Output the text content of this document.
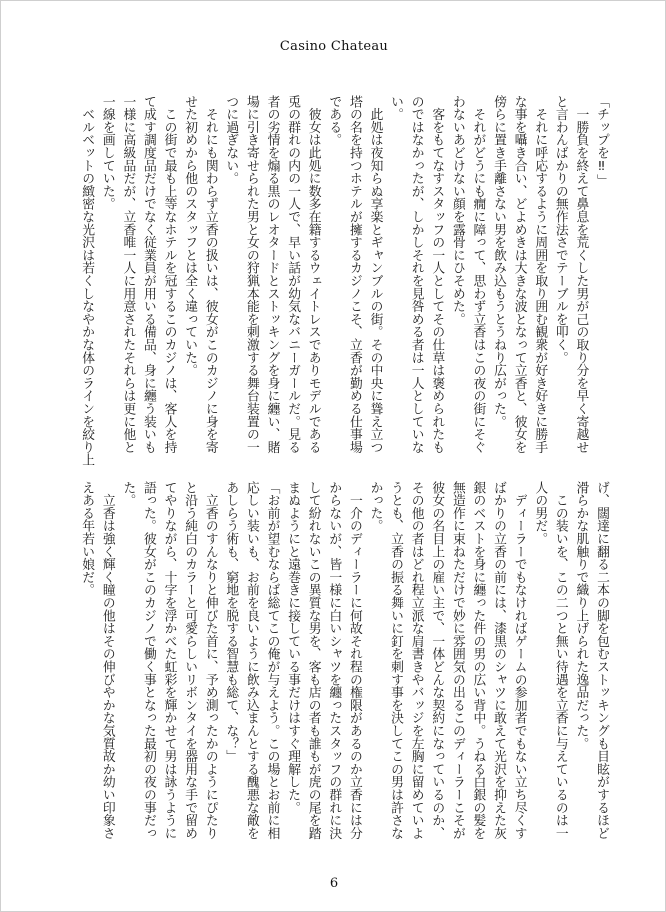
Casino Chateau
「チップを‼」
　一勝負を終えて鼻息を荒くした男が己の取り分を早く寄越せ
と言わんばかりの無作法さでテーブルを叩く。
　それに呼応するように周囲を取り囲む観衆が好き好きに勝手
な事を囁き合い、どよめきは大きな波となって立香と、彼女を
傍らに置き手離さない男を飲み込もうとうねり広がった。
　それがどうにも癇に障って、思わず立香はこの夜の街にそぐ
わないあどけない顔を露骨にひそめた。
　客をもてなすスタッフの一人としてその仕草は褒められたも
のではなかったが、しかしそれを見咎める者は一人としていな
い。
　此処は夜知らぬ享楽とギャンブルの街。その中央に聳え立つ
塔の名を持つホテルが擁するカジノこそ、立香が勤める仕事場
である。
　彼女は此処に数多在籍するウェイトレスでありモデルである
兎の群れの内の一人で、早い話が幼気なバニーガールだ。見る
者の劣情を煽る黒のレオタードとストッキングを身に纏い、賭
場に引き寄せられた男と女の狩猟本能を刺激する舞台装置の一
つに過ぎない。
　それにも関わらず立香の扱いは、彼女がこのカジノに身を寄
せた初めから他のスタッフとは全く違っていた。
　この街で最も上等なホテルを冠するこのカジノは、客人を持
て成す調度品だけでなく従業員が用いる備品、身に纏う装いも
一様に高級品だが、立香唯一人に用意されたそれらは更に他と
一線を画していた。
　ベルベットの緻密な光沢は若くしなやかな体のラインを絞り上
げ、闊達に翻る二本の脚を包むストッキングも目眩がするほど
滑らかな肌触りで織り上げられた逸品だった。
　この装いを、この二つと無い待遇を立香に与えているのは一
人の男だ。
　ディーラーでもなければゲームの参加者でもない立ち尽くす
ばかりの立香の前には、漆黒のシャツに敢えて光沢を抑えた灰
銀のベストを身に纏った件の男の広い背中。うねる白銀の髪を
無造作に束ねただけで妙に雰囲気の出るこのディーラーこそが
彼女の名目上の雇い主で、一体どんな契約になっているのか、
その他の者はどれ程立派な肩書きやバッジを左胸に留めていよ
うとも、立香の振る舞いに釘を刺す事を決してこの男は許さな
かった。
　一介のディーラーに何故それ程の権限があるのか立香には分
からないが、皆一様に白いシャツを纏ったスタッフの群れに決
して紛れないこの異質な男を、客も店の者も誰もが虎の尾を踏
まぬようにと遠巻きに接している事だけはすぐ理解した。
「お前が望むならば総てこの俺が与えよう。この場とお前に相
応しい装いも、お前を良いように飲み込まんとする醜悪な敵を
あしらう術も、窮地を脱する智慧も総て、な？」
　立香のすんなりと伸びた首に、予め測ったかのようにぴたり
と沿う純白のカラーと可愛らしいリボンタイを器用な手で留め
てやりながら、十字を浮かべた虹彩を輝かせて男は詠うように
語った。彼女がこのカジノで働く事となった最初の夜の事だっ
た。
　立香は強く輝く瞳の他はその伸びやかな気質故か幼い印象さ
えある年若い娘だ。
6
